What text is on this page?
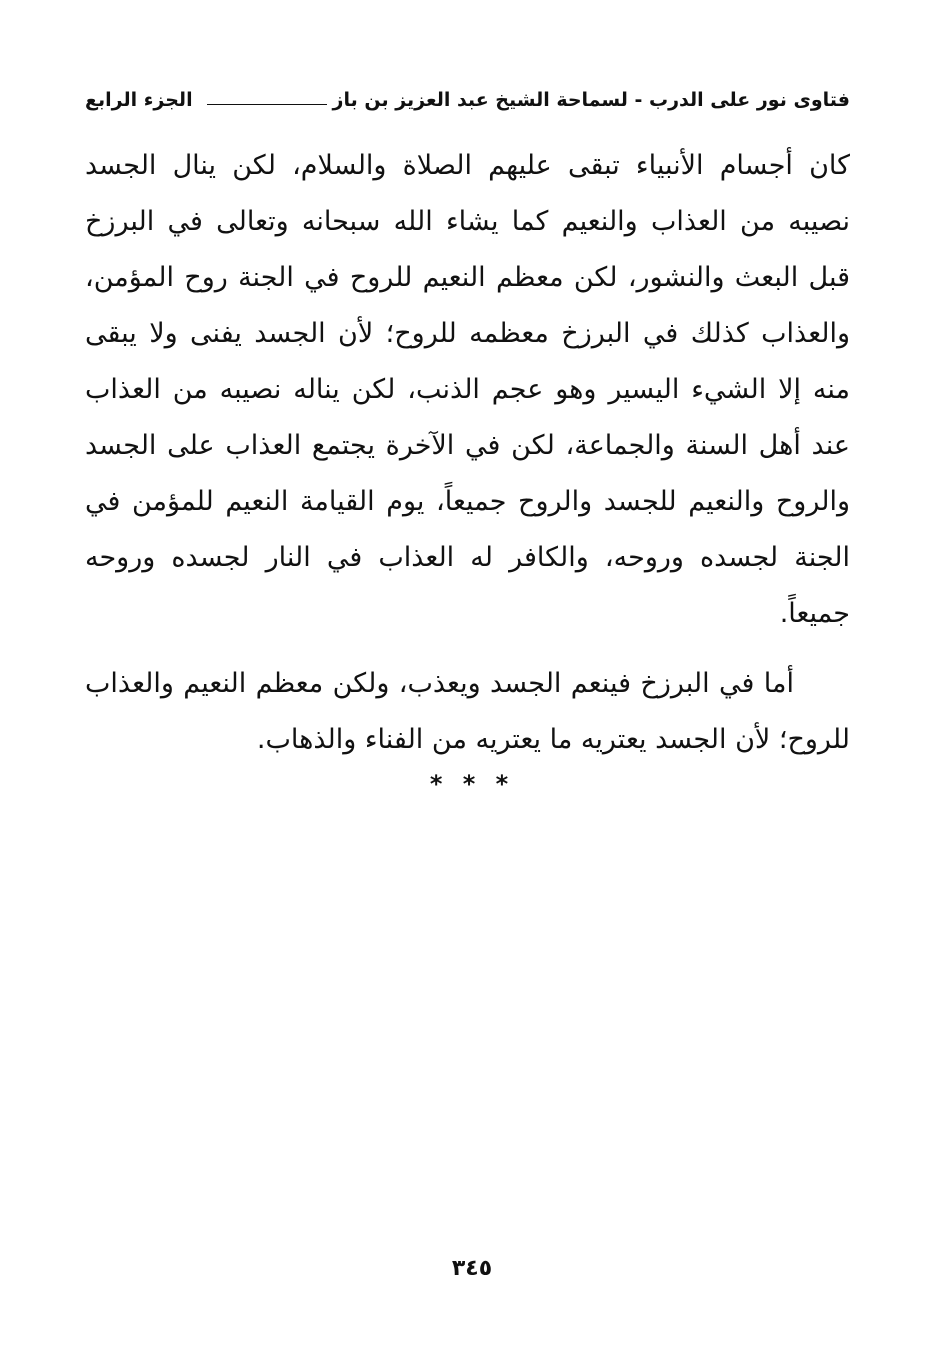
فتاوى نور على الدرب - لسماحة الشيخ عبد العزيز بن باز
الجزء الرابع

كان أجسام الأنبياء تبقى عليهم الصلاة والسلام، لكن ينال الجسد نصيبه من العذاب والنعيم كما يشاء الله سبحانه وتعالى في البرزخ قبل البعث والنشور، لكن معظم النعيم للروح في الجنة روح المؤمن، والعذاب كذلك في البرزخ معظمه للروح؛ لأن الجسد يفنى ولا يبقى منه إلا الشيء اليسير وهو عجم الذنب، لكن يناله نصيبه من العذاب عند أهل السنة والجماعة، لكن في الآخرة يجتمع العذاب على الجسد والروح والنعيم للجسد والروح جميعاً، يوم القيامة النعيم للمؤمن في الجنة لجسده وروحه، والكافر له العذاب في النار لجسده وروحه جميعاً.

أما في البرزخ فينعم الجسد ويعذب، ولكن معظم النعيم والعذاب للروح؛ لأن الجسد يعتريه ما يعتريه من الفناء والذهاب.

* * *
٣٤٥
